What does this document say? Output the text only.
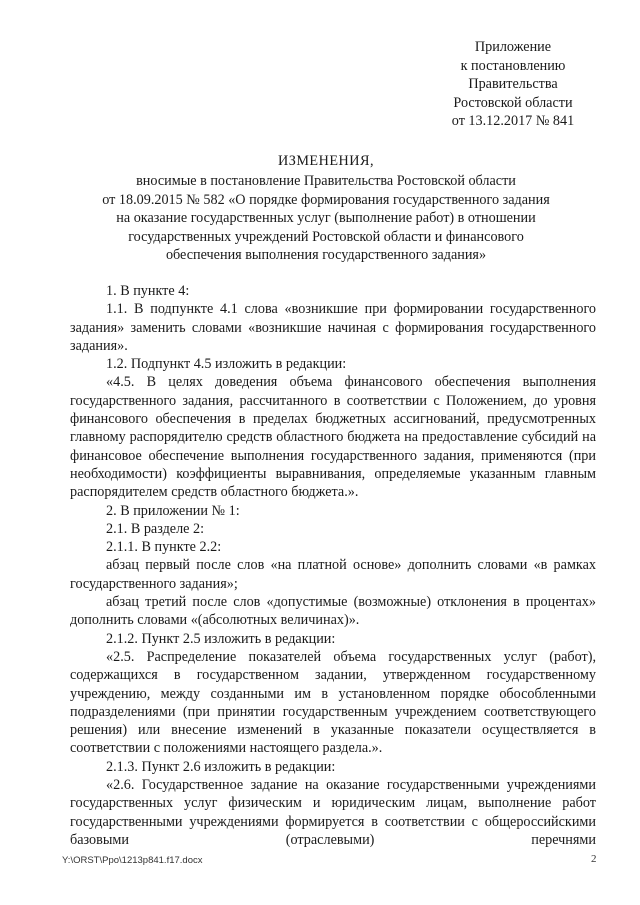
Приложение
к постановлению
Правительства
Ростовской области
от 13.12.2017 № 841
ИЗМЕНЕНИЯ,
вносимые в постановление Правительства Ростовской области
от 18.09.2015 № 582 «О порядке формирования государственного задания
на оказание государственных услуг (выполнение работ) в отношении
государственных учреждений Ростовской области и финансового
обеспечения выполнения государственного задания»

1. В пункте 4:

1.1. В подпункте 4.1 слова «возникшие при формировании государственного задания» заменить словами «возникшие начиная с формирования государственного задания».

1.2. Подпункт 4.5 изложить в редакции:

«4.5. В целях доведения объема финансового обеспечения выполнения государственного задания, рассчитанного в соответствии с Положением, до уровня финансового обеспечения в пределах бюджетных ассигнований, предусмотренных главному распорядителю средств областного бюджета на предоставление субсидий на финансовое обеспечение выполнения государственного задания, применяются (при необходимости) коэффициенты выравнивания, определяемые указанным главным распорядителем средств областного бюджета.».

2. В приложении № 1:

2.1. В разделе 2:

2.1.1. В пункте 2.2:

абзац первый после слов «на платной основе» дополнить словами «в рамках государственного задания»;

абзац третий после слов «допустимые (возможные) отклонения в процентах» дополнить словами «(абсолютных величинах)».

2.1.2. Пункт 2.5 изложить в редакции:

«2.5. Распределение показателей объема государственных услуг (работ), содержащихся в государственном задании, утвержденном государственному учреждению, между созданными им в установленном порядке обособленными подразделениями (при принятии государственным учреждением соответствующего решения) или внесение изменений в указанные показатели осуществляется в соответствии с положениями настоящего раздела.».

2.1.3. Пункт 2.6 изложить в редакции:

«2.6. Государственное задание на оказание государственными учреждениями государственных услуг физическим и юридическим лицам, выполнение работ государственными учреждениями формируется в соответствии с общероссийскими базовыми (отраслевыми) перечнями

Y:\ORST\Ppo\1213p841.f17.docx	2
